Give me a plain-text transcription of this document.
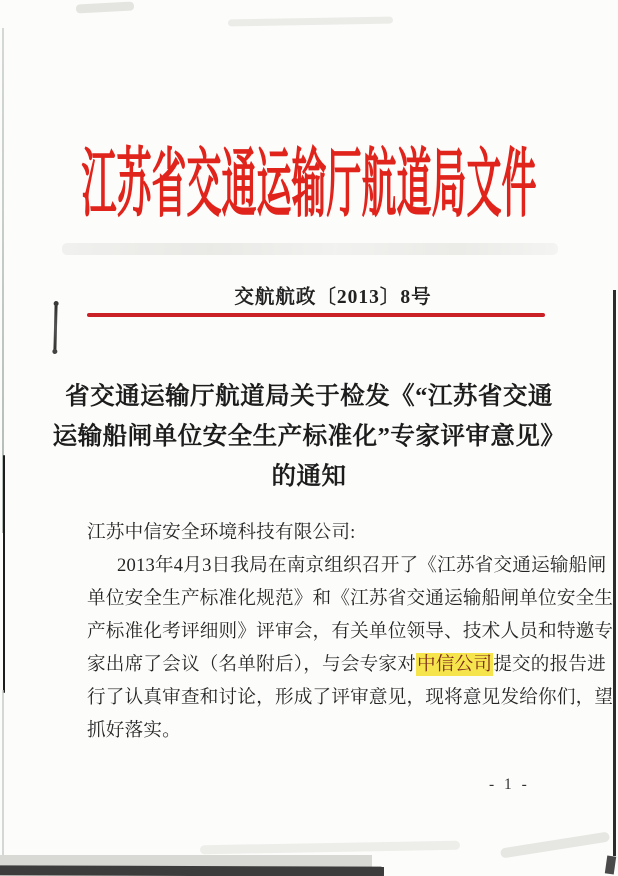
江苏省交通运输厅航道局文件
交航航政〔2013〕8号
省交通运输厅航道局关于检发《“江苏省交通
运输船闸单位安全生产标准化”专家评审意见》
的通知
江苏中信安全环境科技有限公司:
2013年4月3日我局在南京组织召开了《江苏省交通运输船闸
单位安全生产标准化规范》和《江苏省交通运输船闸单位安全生
产标准化考评细则》评审会，有关单位领导、技术人员和特邀专
家出席了会议（名单附后），与会专家对中信公司提交的报告进
行了认真审查和讨论，形成了评审意见，现将意见发给你们，望
抓好落实。
- 1 -
